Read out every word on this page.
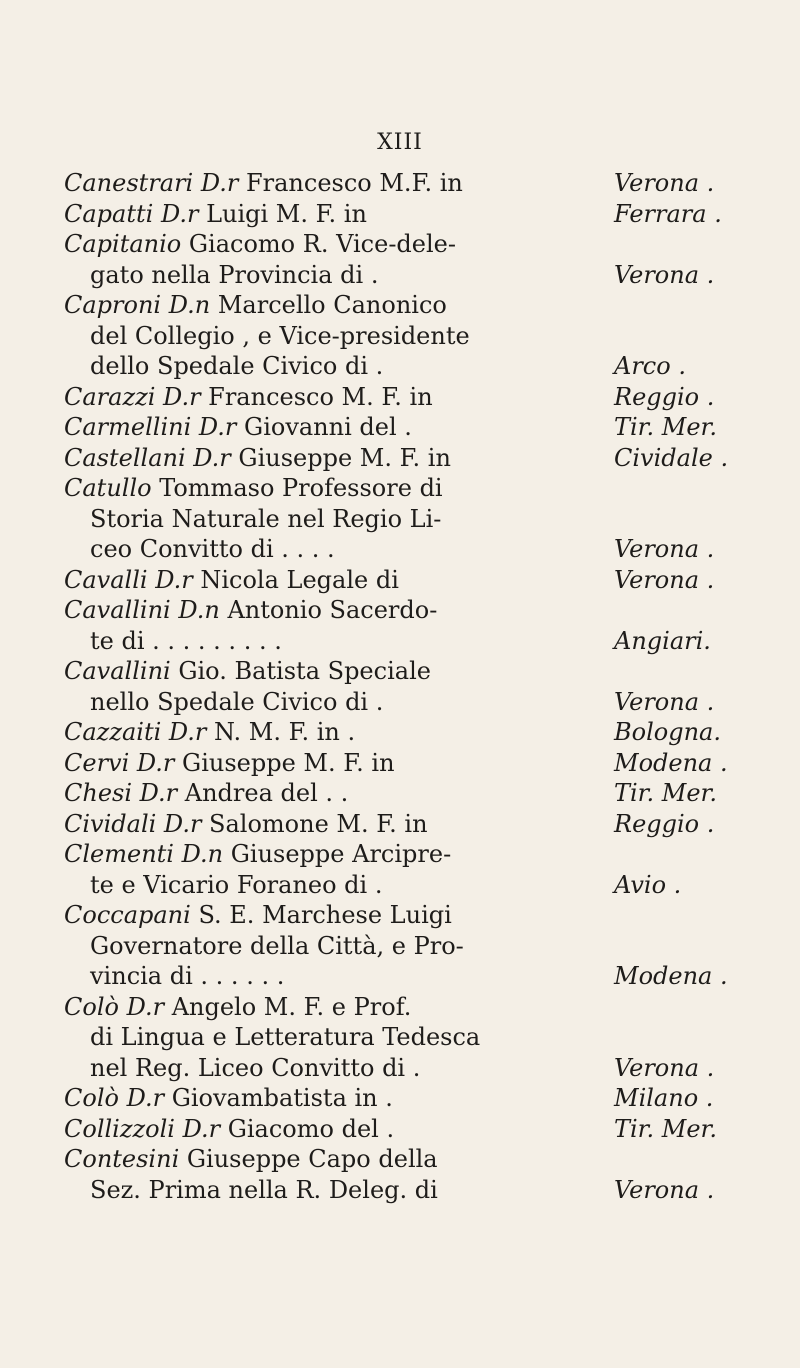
XIII
Canestrari D.r Francesco M.F. in	Verona .
Capatti D.r Luigi M. F. in	Ferrara .
Capitanio Giacomo R. Vice-dele-
gato nella Provincia di .	Verona .
Caproni D.n Marcello Canonico
del Collegio , e Vice-presidente
dello Spedale Civico di .	Arco .
Carazzi D.r Francesco M. F. in	Reggio .
Carmellini D.r Giovanni del .	Tir. Mer.
Castellani D.r Giuseppe M. F. in	Cividale .
Catullo Tommaso Professore di
Storia Naturale nel Regio Li-
ceo Convitto di . . . .	Verona .
Cavalli D.r Nicola Legale di	Verona .
Cavallini D.n Antonio Sacerdo-
te di . . . . . . . . .	Angiari.
Cavallini Gio. Batista Speciale
nello Spedale Civico di .	Verona .
Cazzaiti D.r N. M. F. in .	Bologna.
Cervi D.r Giuseppe M. F. in	Modena .
Chesi D.r Andrea del . .	Tir. Mer.
Cividali D.r Salomone M. F. in	Reggio .
Clementi D.n Giuseppe Arcipre-
te e Vicario Foraneo di .	Avio .
Coccapani S. E. Marchese Luigi
Governatore della Città, e Pro-
vincia di . . . . . .	Modena .
Colò D.r Angelo M. F. e Prof.
di Lingua e Letteratura Tedesca
nel Reg. Liceo Convitto di .	Verona .
Colò D.r Giovambatista in .	Milano .
Collizzoli D.r Giacomo del .	Tir. Mer.
Contesini Giuseppe Capo della
Sez. Prima nella R. Deleg. di	Verona .
